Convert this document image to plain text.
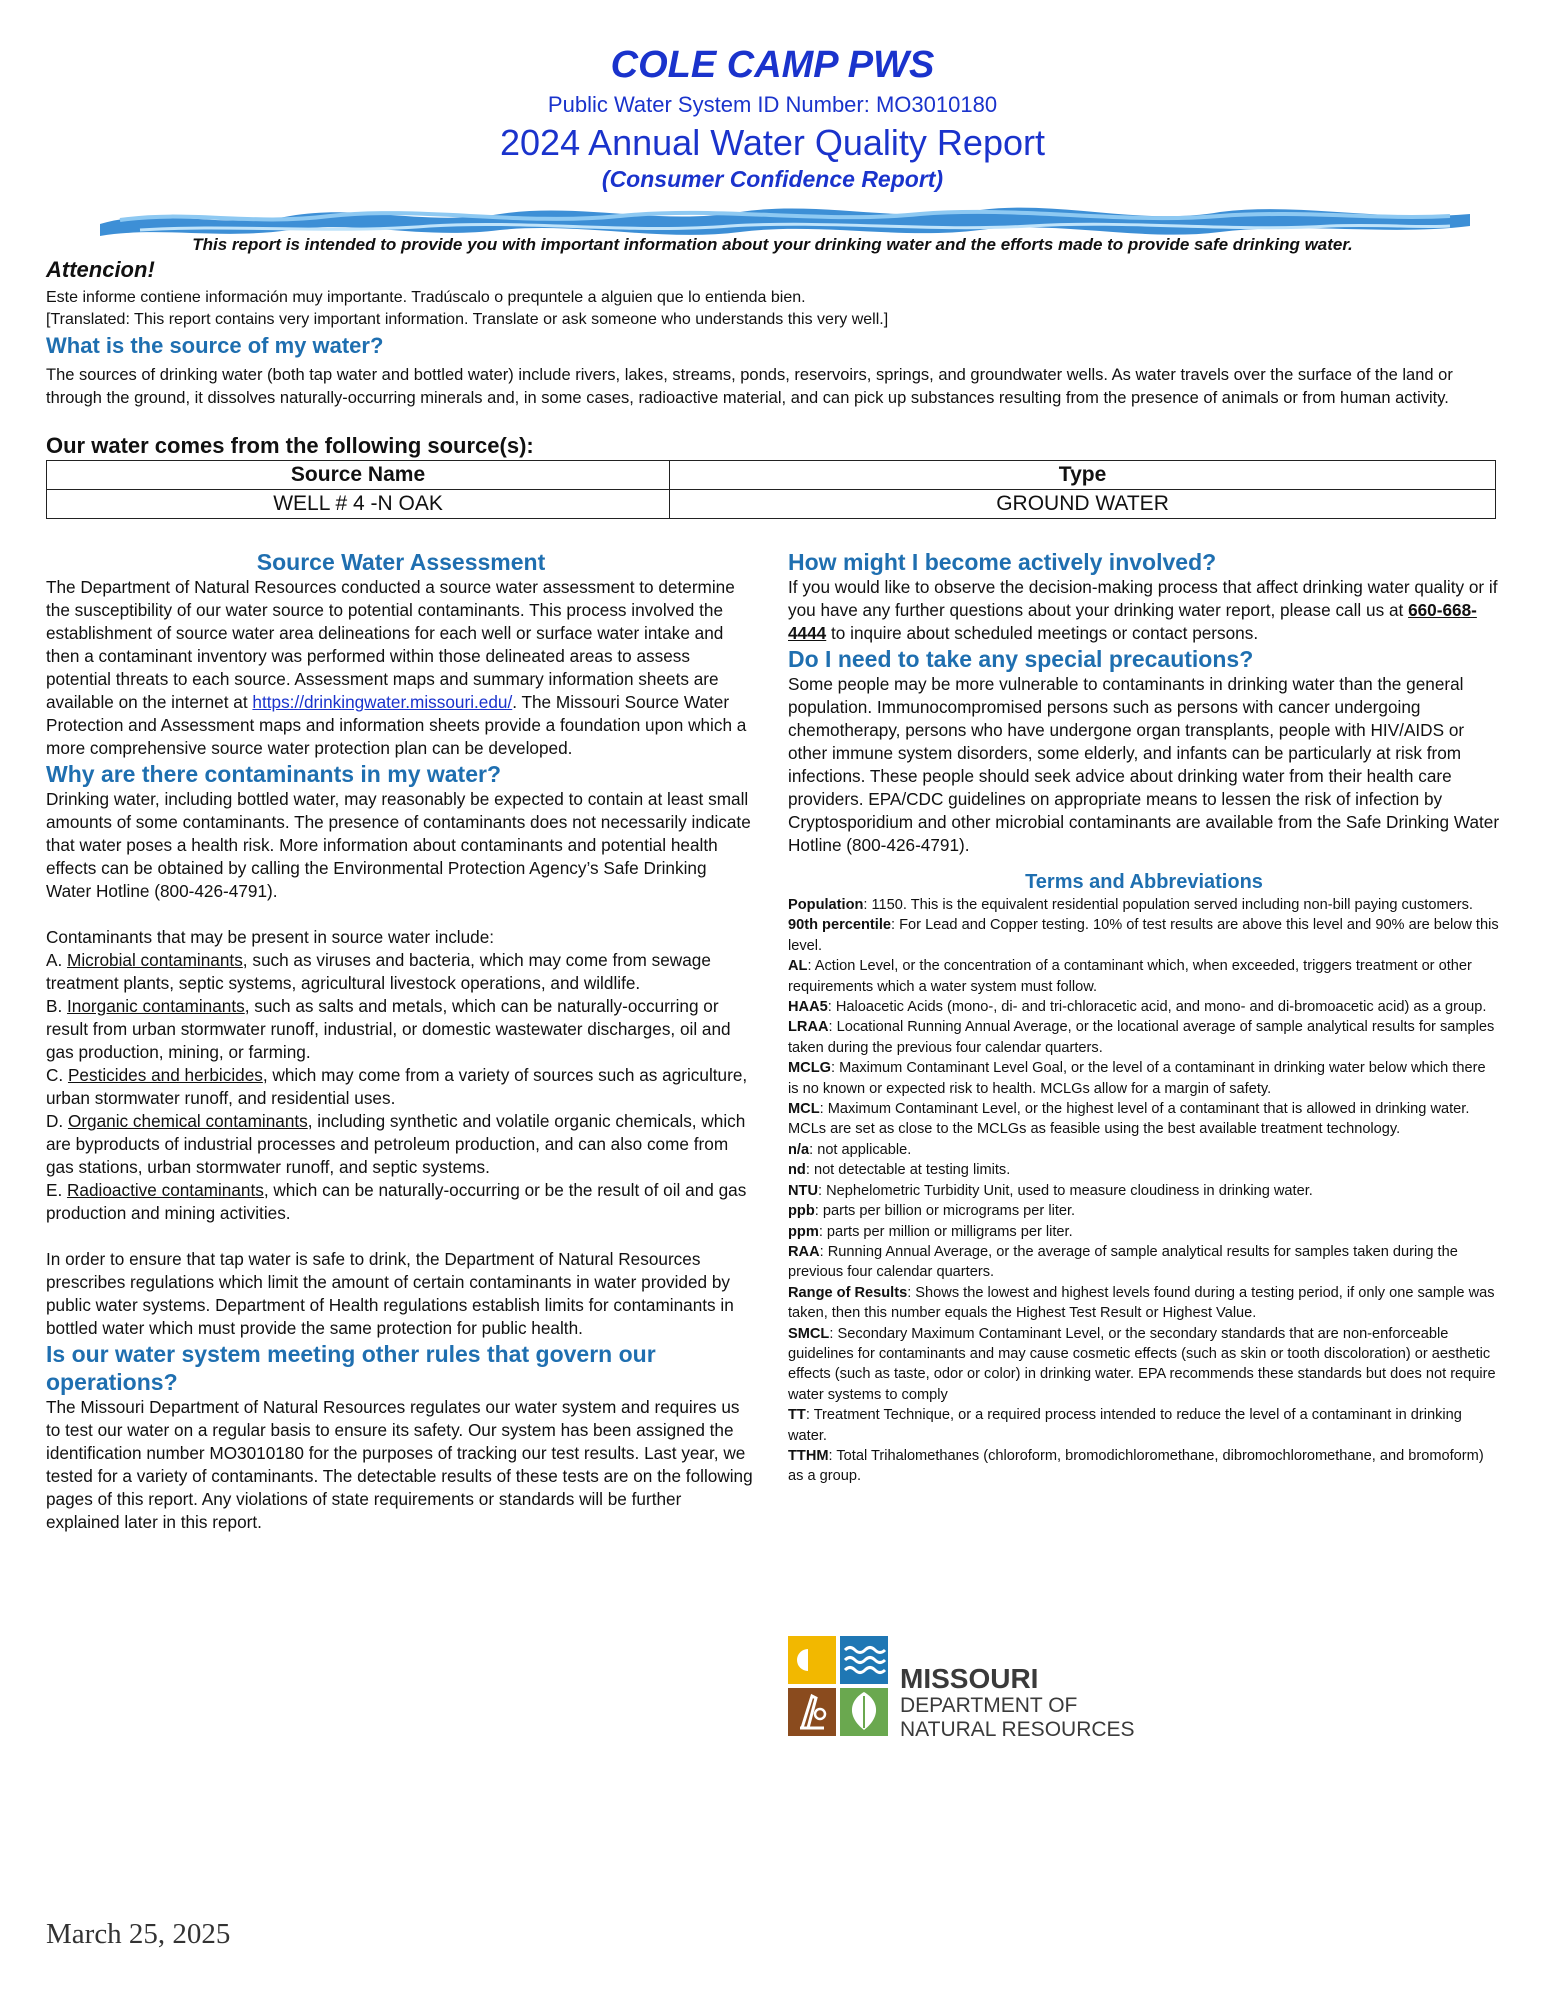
COLE CAMP PWS
Public Water System ID Number: MO3010180
2024 Annual Water Quality Report
(Consumer Confidence Report)
This report is intended to provide you with important information about your drinking water and the efforts made to provide safe drinking water.
Attencion!
Este informe contiene información muy importante. Tradúscalo o prequntele a alguien que lo entienda bien.
[Translated: This report contains very important information. Translate or ask someone who understands this very well.]
What is the source of my water?
The sources of drinking water (both tap water and bottled water) include rivers, lakes, streams, ponds, reservoirs, springs, and groundwater wells. As water travels over the surface of the land or through the ground, it dissolves naturally-occurring minerals and, in some cases, radioactive material, and can pick up substances resulting from the presence of animals or from human activity.
Our water comes from the following source(s):
Source Name	Type
WELL # 4 -N OAK	GROUND WATER
Source Water Assessment

The Department of Natural Resources conducted a source water assessment to determine the susceptibility of our water source to potential contaminants. This process involved the establishment of source water area delineations for each well or surface water intake and then a contaminant inventory was performed within those delineated areas to assess potential threats to each source. Assessment maps and summary information sheets are available on the internet at https://drinkingwater.missouri.edu/. The Missouri Source Water Protection and Assessment maps and information sheets provide a foundation upon which a more comprehensive source water protection plan can be developed.

Why are there contaminants in my water?

Drinking water, including bottled water, may reasonably be expected to contain at least small amounts of some contaminants. The presence of contaminants does not necessarily indicate that water poses a health risk. More information about contaminants and potential health effects can be obtained by calling the Environmental Protection Agency’s Safe Drinking Water Hotline (800-426-4791).

Contaminants that may be present in source water include:

A. Microbial contaminants, such as viruses and bacteria, which may come from sewage treatment plants, septic systems, agricultural livestock operations, and wildlife.

B. Inorganic contaminants, such as salts and metals, which can be naturally-occurring or result from urban stormwater runoff, industrial, or domestic wastewater discharges, oil and gas production, mining, or farming.

C. Pesticides and herbicides, which may come from a variety of sources such as agriculture, urban stormwater runoff, and residential uses.

D. Organic chemical contaminants, including synthetic and volatile organic chemicals, which are byproducts of industrial processes and petroleum production, and can also come from gas stations, urban stormwater runoff, and septic systems.

E. Radioactive contaminants, which can be naturally-occurring or be the result of oil and gas production and mining activities.

In order to ensure that tap water is safe to drink, the Department of Natural Resources prescribes regulations which limit the amount of certain contaminants in water provided by public water systems. Department of Health regulations establish limits for contaminants in bottled water which must provide the same protection for public health.

Is our water system meeting other rules that govern our operations?

The Missouri Department of Natural Resources regulates our water system and requires us to test our water on a regular basis to ensure its safety. Our system has been assigned the identification number MO3010180 for the purposes of tracking our test results. Last year, we tested for a variety of contaminants. The detectable results of these tests are on the following pages of this report. Any violations of state requirements or standards will be further explained later in this report.

How might I become actively involved?

If you would like to observe the decision-making process that affect drinking water quality or if you have any further questions about your drinking water report, please call us at 660-668-4444 to inquire about scheduled meetings or contact persons.

Do I need to take any special precautions?

Some people may be more vulnerable to contaminants in drinking water than the general population. Immunocompromised persons such as persons with cancer undergoing chemotherapy, persons who have undergone organ transplants, people with HIV/AIDS or other immune system disorders, some elderly, and infants can be particularly at risk from infections. These people should seek advice about drinking water from their health care providers. EPA/CDC guidelines on appropriate means to lessen the risk of infection by Cryptosporidium and other microbial contaminants are available from the Safe Drinking Water Hotline (800-426-4791).

Terms and Abbreviations
Population: 1150. This is the equivalent residential population served including non-bill paying customers.
90th percentile: For Lead and Copper testing. 10% of test results are above this level and 90% are below this level.
AL: Action Level, or the concentration of a contaminant which, when exceeded, triggers treatment or other requirements which a water system must follow.
HAA5: Haloacetic Acids (mono-, di- and tri-chloracetic acid, and mono- and di-bromoacetic acid) as a group.
LRAA: Locational Running Annual Average, or the locational average of sample analytical results for samples taken during the previous four calendar quarters.
MCLG: Maximum Contaminant Level Goal, or the level of a contaminant in drinking water below which there is no known or expected risk to health. MCLGs allow for a margin of safety.
MCL: Maximum Contaminant Level, or the highest level of a contaminant that is allowed in drinking water. MCLs are set as close to the MCLGs as feasible using the best available treatment technology.
n/a: not applicable.
nd: not detectable at testing limits.
NTU: Nephelometric Turbidity Unit, used to measure cloudiness in drinking water.
ppb: parts per billion or micrograms per liter.
ppm: parts per million or milligrams per liter.
RAA: Running Annual Average, or the average of sample analytical results for samples taken during the previous four calendar quarters.
Range of Results: Shows the lowest and highest levels found during a testing period, if only one sample was taken, then this number equals the Highest Test Result or Highest Value.
SMCL: Secondary Maximum Contaminant Level, or the secondary standards that are non-enforceable guidelines for contaminants and may cause cosmetic effects (such as skin or tooth discoloration) or aesthetic effects (such as taste, odor or color) in drinking water. EPA recommends these standards but does not require water systems to comply
TT: Treatment Technique, or a required process intended to reduce the level of a contaminant in drinking water.
TTHM: Total Trihalomethanes (chloroform, bromodichloromethane, dibromochloromethane, and bromoform) as a group.
MISSOURI
DEPARTMENT OF
NATURAL RESOURCES
March 25, 2025
